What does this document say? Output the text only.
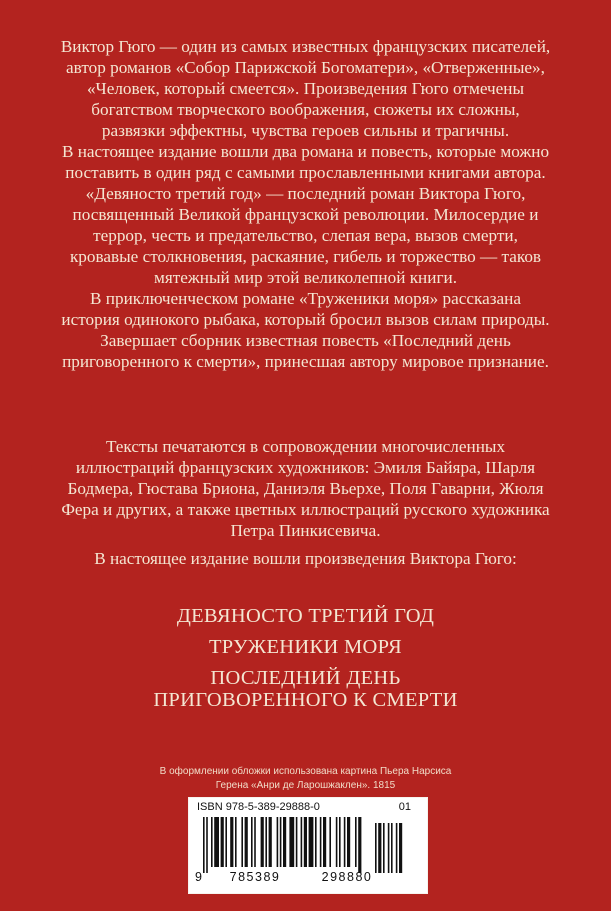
Виктор Гюго — один из самых известных французских писателей, автор романов «Собор Парижской Богоматери», «Отверженные», «Человек, который смеется». Произведения Гюго отмечены богатством творческого воображения, сюжеты их сложны, развязки эффектны, чувства героев сильны и трагичны.
В настоящее издание вошли два романа и повесть, которые можно поставить в один ряд с самыми прославленными книгами автора. «Девяносто третий год» — последний роман Виктора Гюго, посвященный Великой французской революции. Милосердие и террор, честь и предательство, слепая вера, вызов смерти, кровавые столкновения, раскаяние, гибель и торжество — таков мятежный мир этой великолепной книги.
В приключенческом романе «Труженики моря» рассказана история одинокого рыбака, который бросил вызов силам природы. Завершает сборник известная повесть «Последний день приговоренного к смерти», принесшая автору мировое признание.
Тексты печатаются в сопровождении многочисленных иллюстраций французских художников: Эмиля Байяра, Шарля Бодмера, Гюстава Бриона, Даниэля Вьерхе, Поля Гаварни, Жюля Фера и других, а также цветных иллюстраций русского художника Петра Пинкисевича.
В настоящее издание вошли произведения Виктора Гюго:
ДЕВЯНОСТО ТРЕТИЙ ГОД
ТРУЖЕНИКИ МОРЯ
ПОСЛЕДНИЙ ДЕНЬ ПРИГОВОРЕННОГО К СМЕРТИ
В оформлении обложки использована картина Пьера Нарсиса Герена «Анри де Ларошжаклен». 1815
ISBN 978-5-389-29888-0	01
9	785389	298880
